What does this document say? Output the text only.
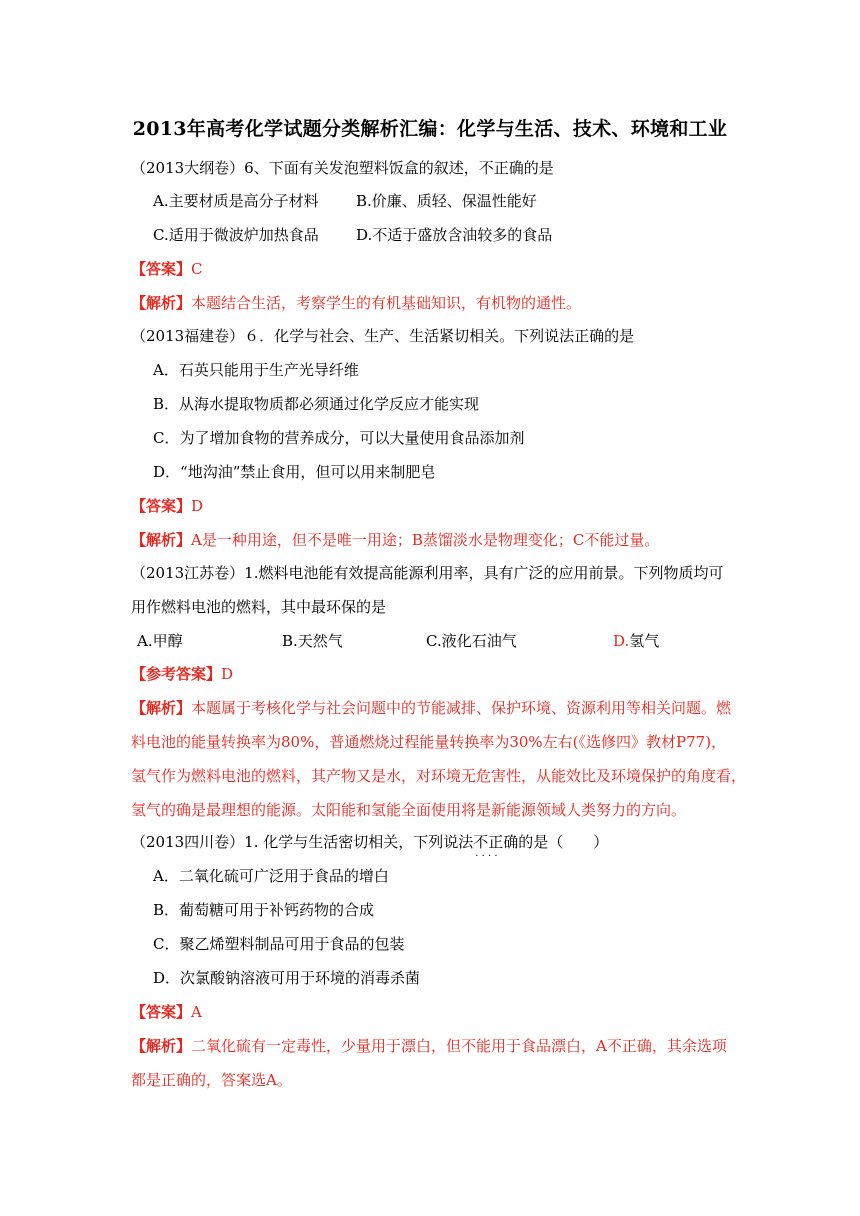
2013年高考化学试题分类解析汇编：化学与生活、技术、环境和工业
（2013大纲卷）6、下面有关发泡塑料饭盒的叙述，不正确的是
A.主要材质是高分子材料 B.价廉、质轻、保温性能好
C.适用于微波炉加热食品 D.不适于盛放含油较多的食品
【答案】C
【解析】本题结合生活，考察学生的有机基础知识，有机物的通性。
（2013福建卷）６．化学与社会、生产、生活紧切相关。下列说法正确的是
A．石英只能用于生产光导纤维
B．从海水提取物质都必须通过化学反应才能实现
C．为了增加食物的营养成分，可以大量使用食品添加剂
D．“地沟油”禁止食用，但可以用来制肥皂
【答案】D
【解析】A是一种用途，但不是唯一用途；B蒸馏淡水是物理变化；C不能过量。
（2013江苏卷）1.燃料电池能有效提高能源利用率，具有广泛的应用前景。下列物质均可
用作燃料电池的燃料，其中最环保的是
A.甲醇	B.天然气	C.液化石油气	D.氢气
【参考答案】D
【解析】本题属于考核化学与社会问题中的节能减排、保护环境、资源利用等相关问题。燃
料电池的能量转换率为80%，普通燃烧过程能量转换率为30%左右(《选修四》教材P77)，
氢气作为燃料电池的燃料，其产物又是水，对环境无危害性，从能效比及环境保护的角度看，
氢气的确是最理想的能源。太阳能和氢能全面使用将是新能源领域人类努力的方向。
（2013四川卷）1. 化学与生活密切相关，下列说法不正确 · · · ·的是（　　）
A．二氧化硫可广泛用于食品的增白
B．葡萄糖可用于补钙药物的合成
C．聚乙烯塑料制品可用于食品的包装
D．次氯酸钠溶液可用于环境的消毒杀菌
【答案】A
【解析】二氧化硫有一定毒性，少量用于漂白，但不能用于食品漂白，A不正确，其余选项
都是正确的，答案选A。
